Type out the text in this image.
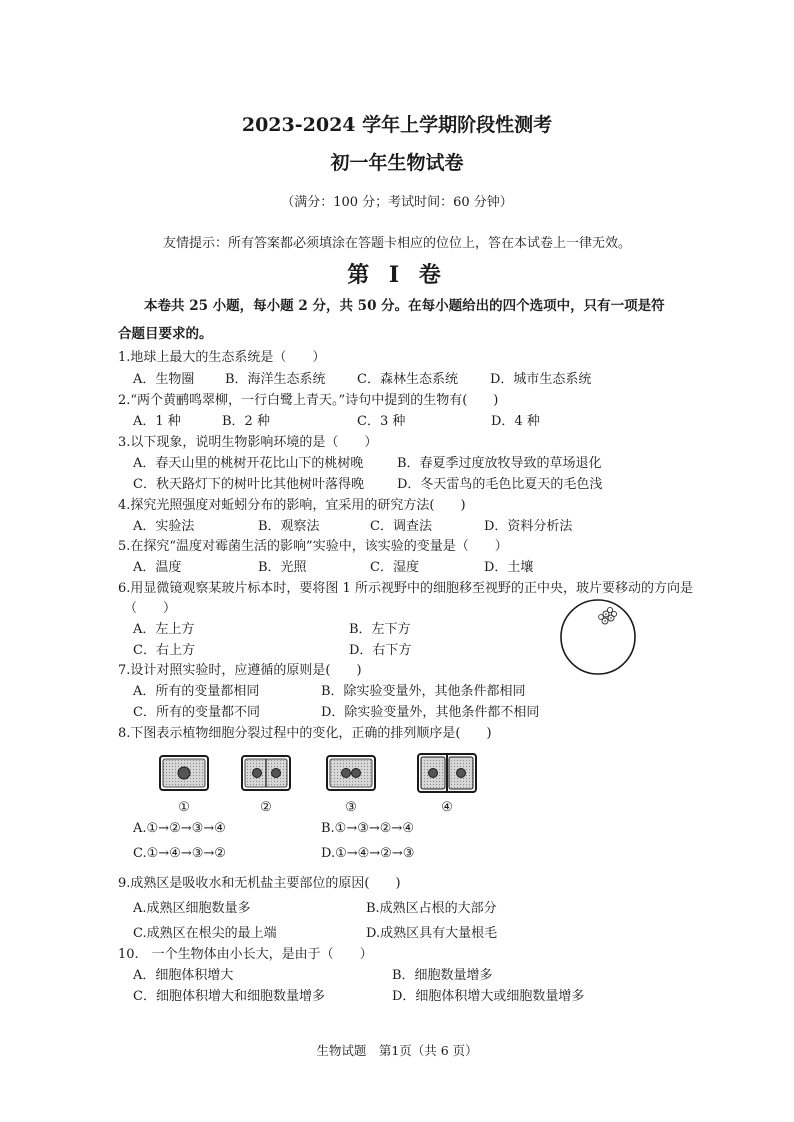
2023-2024 学年上学期阶段性测考
初一年生物试卷
（满分：100 分；考试时间：60 分钟）
友情提示：所有答案都必须填涂在答题卡相应的位位上，答在本试卷上一律无效。
第 Ⅰ 卷
本卷共 25 小题，每小题 2 分，共 50 分。在每小题给出的四个选项中，只有一项是符
合题目要求的。
1.地球上最大的生态系统是（　　）
A．生物圈 B．海洋生态系统 C．森林生态系统 D．城市生态系统
2.“两个黄鹂鸣翠柳，一行白鹭上青天。”诗句中提到的生物有(　　)
A．1 种	B．2 种	C．3 种	D．4 种
3.以下现象，说明生物影响环境的是（　　）
A．春天山里的桃树开花比山下的桃树晚	B．春夏季过度放牧导致的草场退化
C．秋天路灯下的树叶比其他树叶落得晚	D．冬天雷鸟的毛色比夏天的毛色浅
4.探究光照强度对蚯蚓分布的影响，宜采用的研究方法(　　)
A．实验法	B．观察法	C．调查法	D．资料分析法
5.在探究“温度对霉菌生活的影响”实验中，该实验的变量是（　　）
A．温度	B．光照	C．湿度	D．土壤
6.用显微镜观察某玻片标本时，要将图 1 所示视野中的细胞移至视野的正中央，玻片要移动的方向是
（　　）
A．左上方	B．左下方
C．右上方	D．右下方
7.设计对照实验时，应遵循的原则是(　　)
A．所有的变量都相同	B．除实验变量外，其他条件都相同
C．所有的变量都不同	D．除实验变量外，其他条件都不相同
8.下图表示植物细胞分裂过程中的变化，正确的排列顺序是(　　)
①	②	③	④
A.①→②→③→④	B.①→③→②→④
C.①→④→③→②	D.①→④→②→③
9.成熟区是吸收水和无机盐主要部位的原因(　　)
A.成熟区细胞数量多	B.成熟区占根的大部分
C.成熟区在根尖的最上端	D.成熟区具有大量根毛
10.　一个生物体由小长大，是由于（　　）
A．细胞体积增大	B．细胞数量增多
C．细胞体积增大和细胞数量增多	D．细胞体积增大或细胞数量增多
生物试题　第1页（共 6 页）
